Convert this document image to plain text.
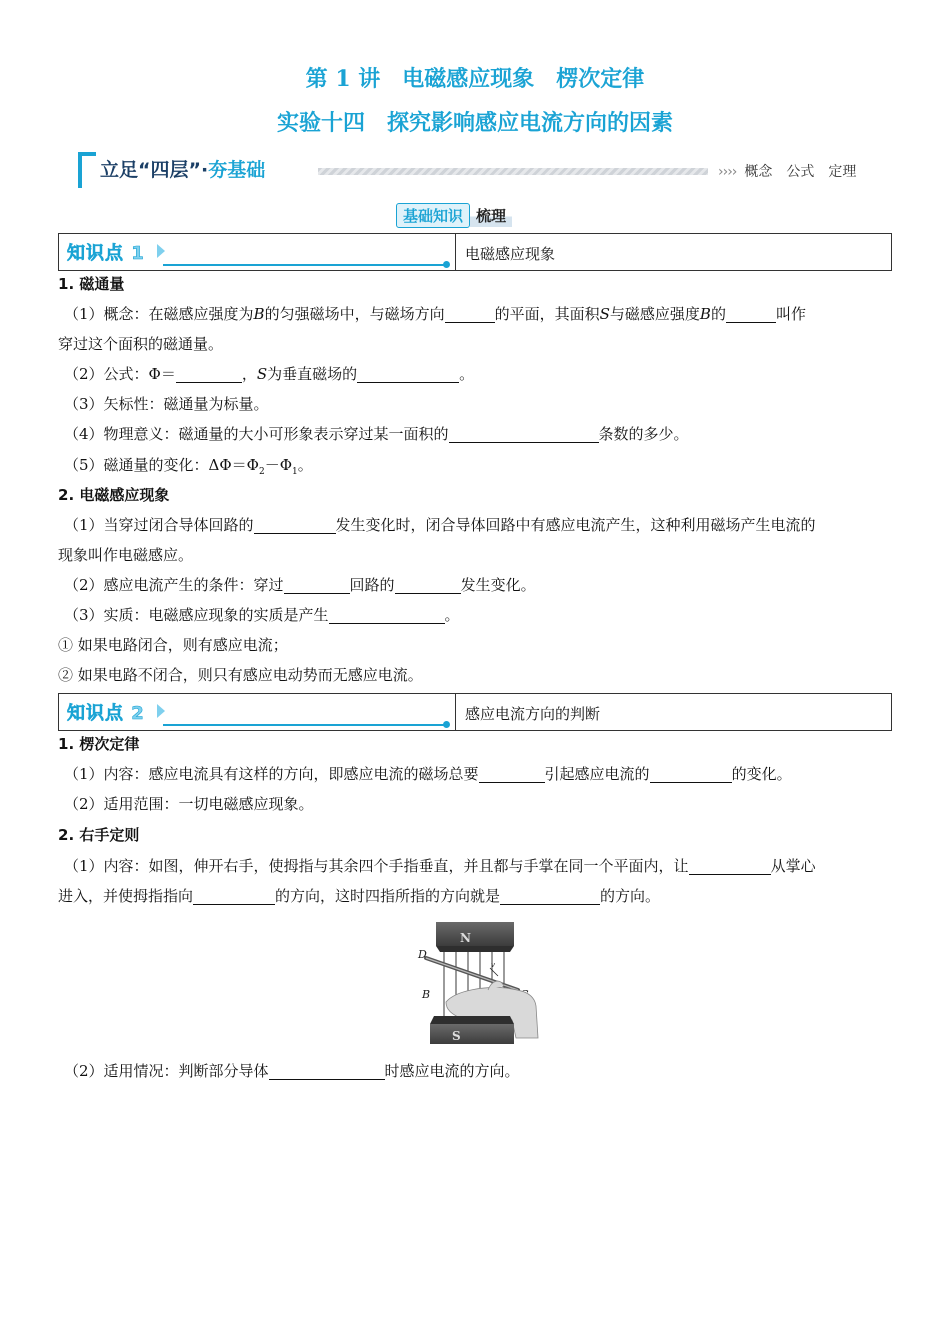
第 1 讲　电磁感应现象　楞次定律
实验十四　探究影响感应电流方向的因素
立足“四层”·夯基础	›››› 概念 公式 定理
基础知识 梳理
知识点 1	电磁感应现象
1. 磁通量
（1）概念：在磁感应强度为B的匀强磁场中，与磁场方向	的平面，其面积S与磁感应强度B的	叫作
穿过这个面积的磁通量。
（2）公式：Φ＝	，S为垂直磁场的	。
（3）矢标性：磁通量为标量。
（4）物理意义：磁通量的大小可形象表示穿过某一面积的	条数的多少。
（5）磁通量的变化：$\Delta\Phi=\Phi_2-\Phi_1$。
2. 电磁感应现象
（1）当穿过闭合导体回路的	发生变化时，闭合导体回路中有感应电流产生，这种利用磁场产生电流的
现象叫作电磁感应。
（2）感应电流产生的条件：穿过	回路的	发生变化。
（3）实质：电磁感应现象的实质是产生	。
① 如果电路闭合，则有感应电流；
② 如果电路不闭合，则只有感应电动势而无感应电流。
知识点 2	感应电流方向的判断
1. 楞次定律
（1）内容：感应电流具有这样的方向，即感应电流的磁场总要	引起感应电流的	的变化。
（2）适用范围：一切电磁感应现象。
2. 右手定则
（1）内容：如图，伸开右手，使拇指与其余四个手指垂直，并且都与手掌在同一个平面内，让	从掌心
进入，并使拇指指向	的方向，这时四指所指的方向就是	的方向。
N
v
D
B
S
（2）适用情况：判断部分导体	时感应电流的方向。
